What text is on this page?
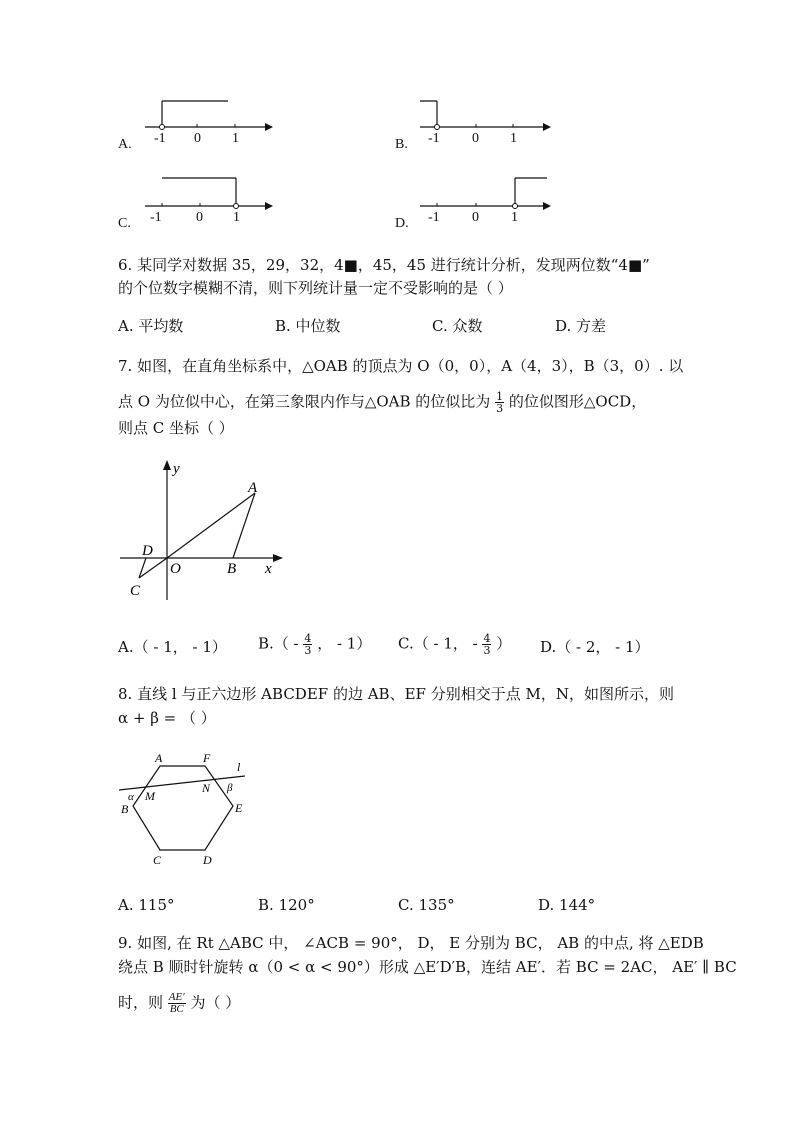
A. -1 0 1	B. -1 0 1
C. -1 0 1	D. -1 0 1
6. 某同学对数据 35，29，32，4■，45，45 进行统计分析，发现两位数“4■”
的个位数字模糊不清，则下列统计量一定不受影响的是（ ）
A. 平均数	B. 中位数	C. 众数	D. 方差
7. 如图，在直角坐标系中，△OAB 的顶点为 O（0，0），A（4，3），B（3，0）. 以
点 O 为位似中心，在第三象限内作与△OAB 的位似比为 $\frac{1}{3}$ 的位似图形△OCD，
则点 C 坐标（ ）
y
x
A
B
O
C
D
A.（ - 1， - 1） $B.( - \frac{4}{3}$ ， - 1） C.（ - 1， - $\frac{4}{3}$ ） D.（ - 2， - 1）
8. 直线 l 与正六边形 ABCDEF 的边 AB、EF 分别相交于点 M，N，如图所示，则
α + β = （ ）
A	F
l
B
M
N
E
C	D
α
β
A. 115°	B. 120°	C. 135°	D. 144°
9. 如图, 在 Rt △ABC 中， ∠ACB = 90°， D， E 分别为 BC， AB 的中点, 将 △EDB
绕点 B 顺时针旋转 α（0 < α < 90°）形成 △E′D′B，连结 AE′．若 BC = 2AC， AE′ ∥ BC
时，则 $\frac{AE'}{BC}$ 为（ ）
